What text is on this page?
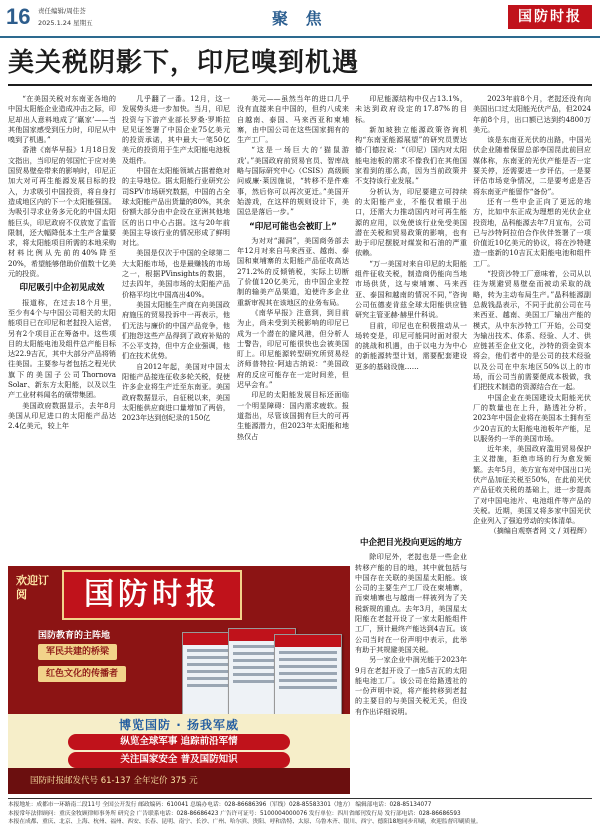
16 责任编辑/周佳荟
2025.1.24 星期五	聚 焦	国防时报
美关税阴影下，印尼嗅到机遇

“在美国关税对东南亚各地的中国太阳能企业造成冲击之际，印尼却出人意料地成了‘赢家’——当其他国家感受到压力时，印尼从中嗅到了机遇。”

香港《南华早报》1月18日发文指出，当印尼的邻国忙于应对美国贸易壁垒带来的影响时，印尼正加大对可再生能源发展目标的投入，力求吸引中国投资，将自身打造成地区内的下一个太阳能强国。为吸引寻求业务多元化的中国太阳能巨头，印尼政府不仅放宽了监管限制，还大幅降低本土生产含量要求，将太阳能项目所需的本地采购材料比例从先前的40%降至20%，希望能够借助价值数十亿美元的投资。

印尼吸引中企初见成效

报道称，在过去18个月里，至少有4个与中国公司相关的太阳能项目已在印尼和老挝投入运营，另有2个项目正在筹备中。这些项目的太阳能电池及组件总产能目标达22.9吉瓦，其中大部分产品将销往美国。主要参与者包括之程光伏旗下的美国子公司Thornova Solar、新东方太阳能，以及以生产工业材料闻名的硕带集团。

美国政府数据显示，去年8月美国从印尼进口的太阳能产品达2.4亿美元，较上年

几乎翻了一番。12月，这一发展势头进一步加快。当月，印尼投资与下游产业部长罗桑·罗斯拉尼见证签署了中国企业75亿美元的投资承诺，其中最大一笔50亿美元的投资用于生产太阳能电池板及组件。

中国在太阳能领域占据着绝对的主导地位。据太阳能行业研究公司SPV市场研究数据，中国的占全球太阳能产品出货量的80%，其余份额大部分由中企设在亚洲其他地区的出口中心占据。这与20年前美国主导该行业的情况形成了鲜明对比。

美国是仅次于中国的全球第二大太阳能市场，也是最赚钱的市场之一，根据PVinsights的数据，过去四年，美国市场的太阳能产品价格平均比中国高出40%。

美国太阳能生产商在向美国政府施压的贸易投诉中一再表示，他们无法与廉价的中国产品竞争，他们抱怨这些产品得到了政府补贴的不公平支持，但中方企业强调，他们在技术优势。

自2012年起，美国对中国太阳能产品接连征收多轮关税，促使许多企业将生产迁至东南亚。美国政府数据显示，自征税以来，美国太阳能供应商进口量增加了两倍，2023年达到创纪录的150亿

美元——虽然当年的进口几乎没有直接来自中国的，但约八成来自越南、泰国、马来西亚和柬埔寨，由中国公司在这些国家拥有的生产工厂。

“这是一场巨大的‘猫鼠游戏’。”美国政府前贸易官员、智库战略与国际研究中心（CSIS）高级顾问威廉·莱因施说，“转移不是件难事，然后你可以再次更迁。”美国开始游戏，在这样的规则设计下，美国总是落后一步。”

“印尼可能也会被盯上”

为对对“漏洞”，美国商务部去年12月对来自马来西亚、越南、泰国和柬埔寨的太阳能产品征收高达271.2%的反倾销税，实际上切断了价值120亿美元，由中国企业控制的输美产品渠道，迫使许多企业重新审视其在该地区的业务布局。

《南华早报》注意到，到目前为止，尚未受到关税影响的印尼已成为一个潜在的避风港，但分析人士警告，印尼可能很快也会被美国盯上。印尼能源转型研究所贸易经济师普特拉·阿迪古纳说：“美国政府的反应可能存在一定时间差，但迟早会有。”

印尼的太阳能发展目标还面临一个明显障碍：国内需求疲软。报道指出，尽管该国拥有巨大的可再生能源潜力，但2023年太阳能和地热仅占

印尼能源结构中仅占13.1%，未达到政府设定的17.87%的目标。

新加坡独立能源政策咨询机构“东南亚能源展望”的研究员贾达德·门德拉说：“（印尼）国内对太阳能电池板的需求不像我们在其他国家看到的那么高，因为当前政策并不支持该行业发展。”

分析认为，印尼要建立可持续的太阳能产业，不能仅着眼于出口，还需大力推动国内对可再生能源的应用，以免使该行业免受美国潜在关税和贸易政策的影响，也有助于印尼摆脱对煤炭和石油的严重依赖。

“万一美国对来自印尼的太阳能组件征收关税，制造商仍能向当地市场供货，这与柬埔寨、马来西亚、泰国和越南的情况不同，”咨询公司伍德麦肯兹全球太阳能供应链研究主管亚赫·赫里什科说。

目前，印尼也在积极推动从一场转变是，印尼可能同时面对很大的挑战和机遇，由于以电力为中心的新能源转型计划，需要配套建设更多的基础设施……

中企把目光投向更远的地方

除印尼外，老挝也是一些企业转移产能的目的地，其中就包括与中国存在关联的美国星太阳能。该公司的主要生产工厂设在柬埔寨，而柬埔寨也与越南一样被列为了关税新规的重点。去年3月，美国星太阳能在老挝开设了一家太阳能组件工厂，预计最终产能达到4吉瓦。该公司当时在一份声明中表示，此举有助于其规避美国关税。

另一家企业中润光能于2023年9月在老挝开设了一座5吉瓦的太阳能电池工厂。该公司在给路透社的一份声明中说，将产能转移到老挝的主要目的与美国关税无关，但没有作出详细说明。

2023年前8个月，老挝还没有向美国出口过太阳能光伏产品，但2024年前8个月，出口额已达到约4800万美元。

该是东南亚光伏的出路，中国光伏企业随着保留总部李国昆此前回应媒体称，东南亚的光伏产能是否一定要关停，还需要进一步评估，一是要评估市场竞争情况，二是要考虑是否将东南亚产能留作“备份”。

还有一些中企正向了更远的地方，比如中东正成为理想的光伏企业投资地，品科能源去年7月宣布，公司已与沙特阿拉伯合作伙伴签署了一项价值近10亿美元的协议，将在沙特建造一座新的10吉瓦太阳能电池和组件工厂。

“投资沙特工厂意味着，公司从以往为规避贸易壁垒而被动采取的战略，转为主动布局生产。”晶科能源副总裁钱晶表示，不同于此前公司在马来西亚、越南、美国工厂输出产能的模式，从中东沙特工厂开始，公司变为输出技术、体系、经验、人才、供应链甚至企业文化，沙特的资金资本将会，他们者中的是公司的技术经验以及公司在中东地区50%以上的市场，而公司当前需要便成本极做，我们把技术制造的资源结合在一起。

中国企业在美国建设太阳能光伏厂的数量也在上升，路透社分析，2023年中国企业将在美国本土拥有至少20吉瓦的太阳能电池板年产能，足以服务约一半的美国市场。

近年来，美国政府滥用贸易保护主义措施，拒绝市场的行为愈发频繁。去年5月，美方宣布对中国出口光伏产品加征关税至50%，在此前光伏产品征收关税的基础上，进一步提高了对中国电池片、电池组件等产品的关税。近期，美国又将多家中国光伏企业列入了强迫劳动的实体清单。

（摘编自观察者网 文 / 刘程辉）

欢迎订阅	国防时报
国防教育的主阵地
军民共建的桥梁
红色文化的传播者
博览国防 · 扬我军威
纵览全球军事 追踪前沿军情
关注国家安全 普及国防知识
国防时报邮发代号 61-137 全年定价 375 元
本报地址：成都市一环路南二段11号 全国公开发行 邮政编码：610041 总编办电话：028-86686396（军线）028-85583301（地方） 编辑部电话：028-85134077
本报常年法律顾问：重庆金牧顾律师事务所 研究会 广告联系电话：028-86686423 广告许可证号：5100004000076 发行单位：四川省邮刊发行局 发行部电话：028-86686593
本报在成都、重庆、北京、上海、杭州、福州、西安、长春、昆明、南宁、长沙、广州、哈尔滨、贵阳、呼和浩特、太原、乌鲁木齐、银川、西宁、德阳18地同步印刷，欢迎监督印刷质量。
